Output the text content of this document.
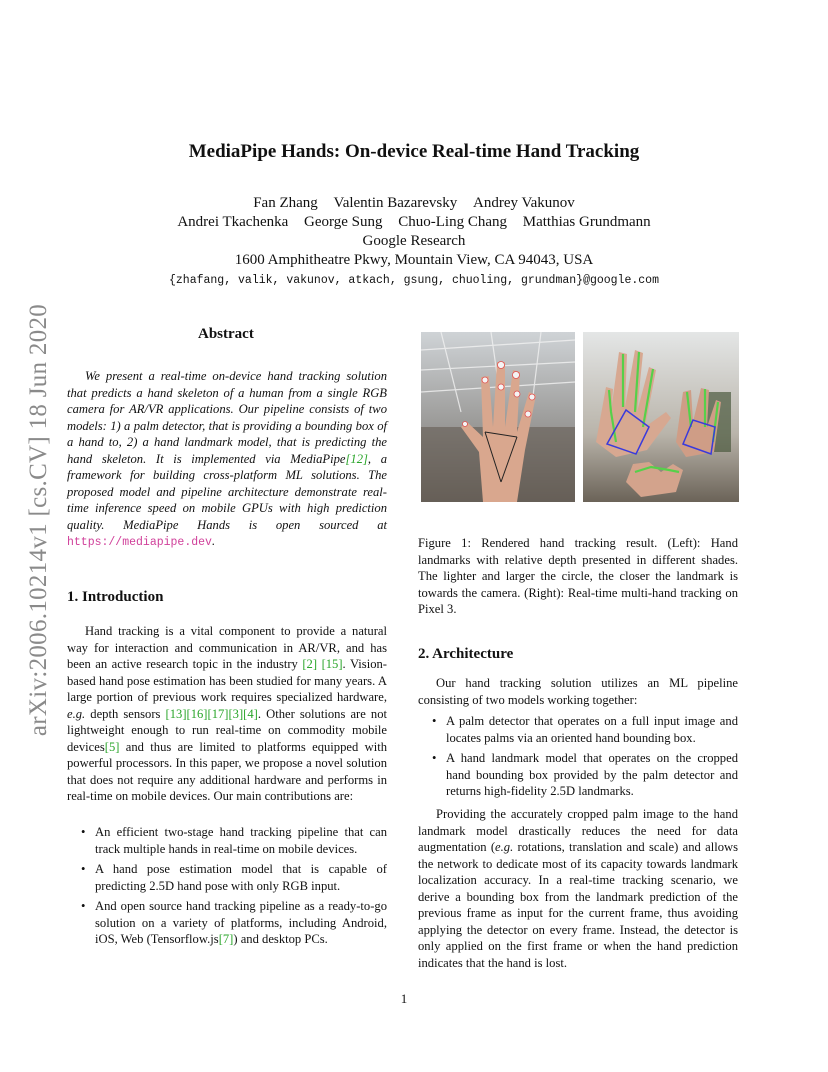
arXiv:2006.10214v1 [cs.CV] 18 Jun 2020
MediaPipe Hands: On-device Real-time Hand Tracking
Fan Zhang Valentin Bazarevsky Andrey Vakunov
Andrei Tkachenka George Sung Chuo-Ling Chang Matthias Grundmann
Google Research
1600 Amphitheatre Pkwy, Mountain View, CA 94043, USA
{zhafang, valik, vakunov, atkach, gsung, chuoling, grundman}@google.com
Abstract
We present a real-time on-device hand tracking solution that predicts a hand skeleton of a human from a single RGB camera for AR/VR applications. Our pipeline consists of two models: 1) a palm detector, that is providing a bounding box of a hand to, 2) a hand landmark model, that is predicting the hand skeleton. It is implemented via MediaPipe[12], a framework for building cross-platform ML solutions. The proposed model and pipeline architecture demonstrate real-time inference speed on mobile GPUs with high prediction quality. MediaPipe Hands is open sourced at https://mediapipe.dev.
1. Introduction
Hand tracking is a vital component to provide a natural way for interaction and communication in AR/VR, and has been an active research topic in the industry [2] [15]. Vision-based hand pose estimation has been studied for many years. A large portion of previous work requires specialized hardware, e.g. depth sensors [13][16][17][3][4]. Other solutions are not lightweight enough to run real-time on commodity mobile devices[5] and thus are limited to platforms equipped with powerful processors. In this paper, we propose a novel solution that does not require any additional hardware and performs in real-time on mobile devices. Our main contributions are:
• An efficient two-stage hand tracking pipeline that can track multiple hands in real-time on mobile devices.
• A hand pose estimation model that is capable of predicting 2.5D hand pose with only RGB input.
• And open source hand tracking pipeline as a ready-to-go solution on a variety of platforms, including Android, iOS, Web (Tensorflow.js[7]) and desktop PCs.
Figure 1: Rendered hand tracking result. (Left): Hand landmarks with relative depth presented in different shades. The lighter and larger the circle, the closer the landmark is towards the camera. (Right): Real-time multi-hand tracking on Pixel 3.
2. Architecture
Our hand tracking solution utilizes an ML pipeline consisting of two models working together:
• A palm detector that operates on a full input image and locates palms via an oriented hand bounding box.
• A hand landmark model that operates on the cropped hand bounding box provided by the palm detector and returns high-fidelity 2.5D landmarks.
Providing the accurately cropped palm image to the hand landmark model drastically reduces the need for data augmentation (e.g. rotations, translation and scale) and allows the network to dedicate most of its capacity towards landmark localization accuracy. In a real-time tracking scenario, we derive a bounding box from the landmark prediction of the previous frame as input for the current frame, thus avoiding applying the detector on every frame. Instead, the detector is only applied on the first frame or when the hand prediction indicates that the hand is lost.
1
